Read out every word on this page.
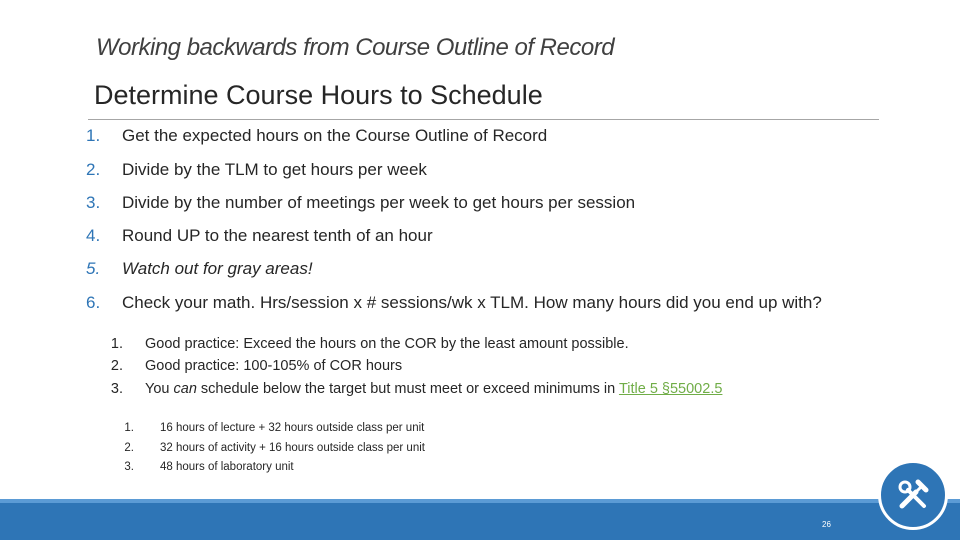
Working backwards from Course Outline of Record
Determine Course Hours to Schedule
1.	Get the expected hours on the Course Outline of Record
2.	Divide by the TLM to get hours per week
3.	Divide by the number of meetings per week to get hours per session
4.	Round UP to the nearest tenth of an hour
5.	Watch out for gray areas!
6.	Check your math. Hrs/session x # sessions/wk x TLM. How many hours did you end up with?
1. Good practice: Exceed the hours on the COR by the least amount possible.
2. Good practice: 100-105% of COR hours
3. You can schedule below the target but must meet or exceed minimums in Title 5 §55002.5
1. 16 hours of lecture + 32 hours outside class per unit
2. 32 hours of activity + 16 hours outside class per unit
3. 48 hours of laboratory unit
26
